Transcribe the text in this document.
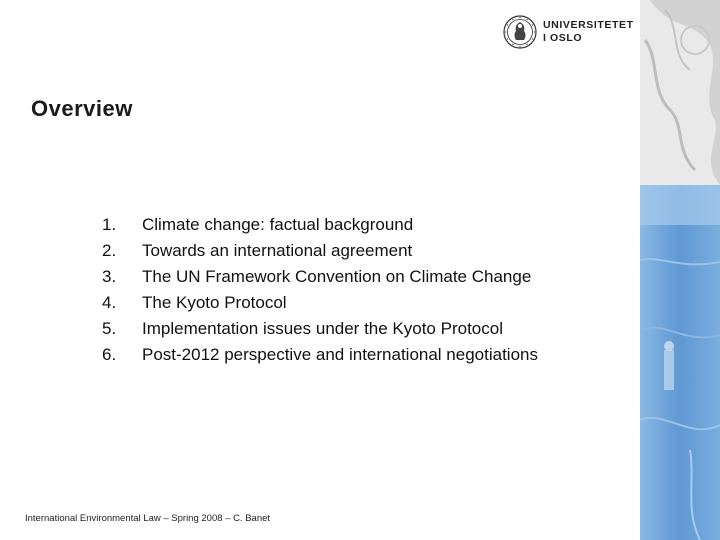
UNIVERSITETET
I OSLO
Overview
1. Climate change: factual background
2. Towards an international agreement
3. The UN Framework Convention on Climate Change
4. The Kyoto Protocol
5. Implementation issues under the Kyoto Protocol
6. Post-2012 perspective and international negotiations
International Environmental Law – Spring 2008 – C. Banet
